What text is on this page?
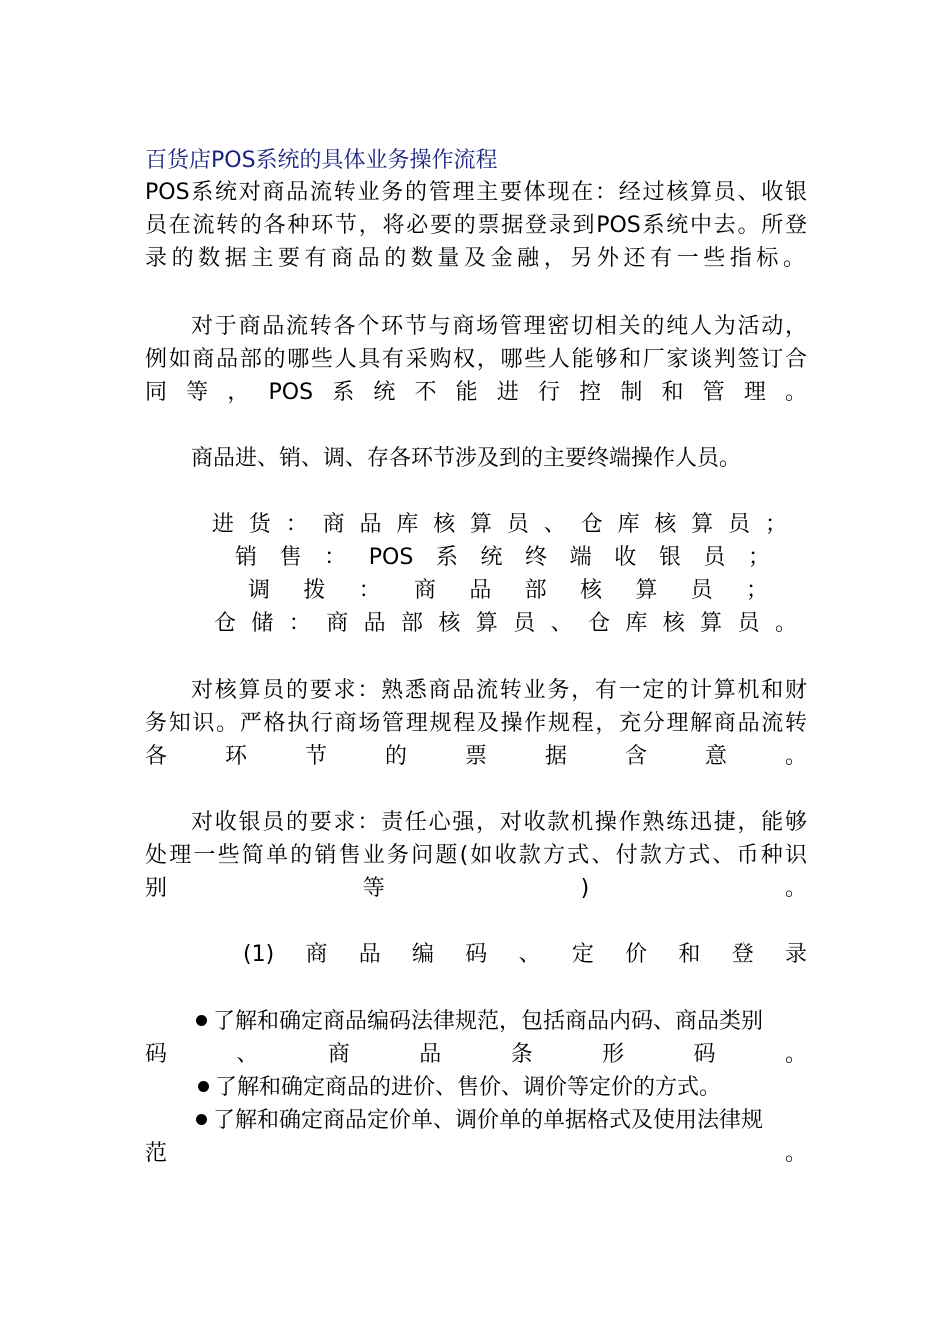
百货店POS系统的具体业务操作流程
POS系统对商品流转业务的管理主要体现在：经过核算员、收银
员在流转的各种环节，将必要的票据登录到POS系统中去。所登
录的数据主要有商品的数量及金融，另外还有一些指标。
对于商品流转各个环节与商场管理密切相关的纯人为活动，
例如商品部的哪些人具有采购权，哪些人能够和厂家谈判签订合
同等，POS系统不能进行控制和管理。
商品进、销、调、存各环节涉及到的主要终端操作人员。
进货：商品库核算员、仓库核算员；
销售：POS系统终端收银员；
调拨：商品部核算员；
仓储：商品部核算员、仓库核算员。
对核算员的要求：熟悉商品流转业务，有一定的计算机和财
务知识。严格执行商场管理规程及操作规程，充分理解商品流转
各环节的票据含意。
对收银员的要求：责任心强，对收款机操作熟练迅捷，能够
处理一些简单的销售业务问题(如收款方式、付款方式、币种识
别等)。
(1)商品编码、定价和登录
了解和确定商品编码法律规范，包括商品内码、商品类别
码、商品条形码。
了解和确定商品的进价、售价、调价等定价的方式。
了解和确定商品定价单、调价单的单据格式及使用法律规
范。
